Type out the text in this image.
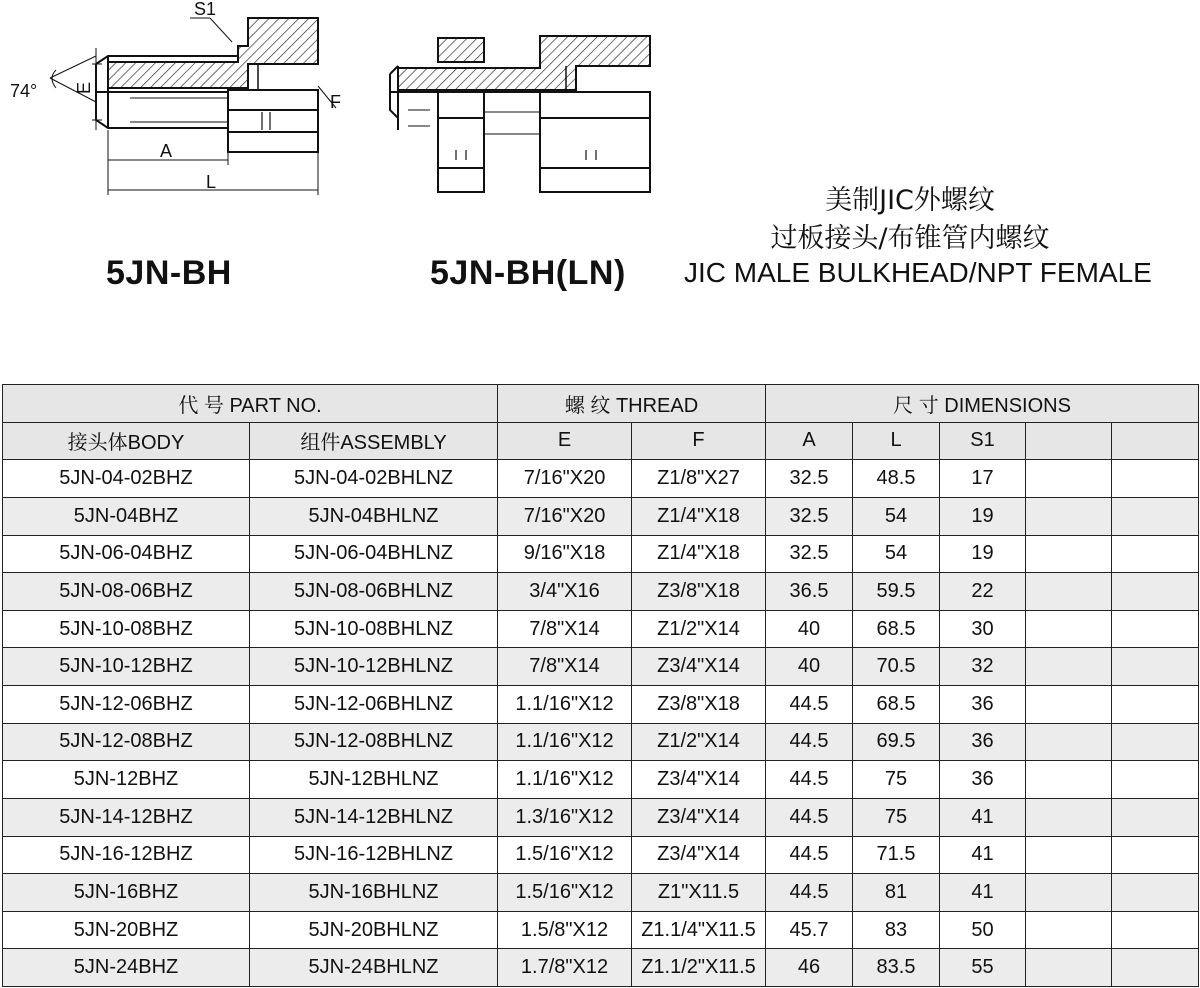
S1
74° E
F
A
L
5JN-BH	5JN-BH(LN)
美制JIC外螺纹
过板接头/布锥管内螺纹
JIC MALE BULKHEAD/NPT FEMALE
代 号 PART NO.		螺 纹 THREAD		尺 寸 DIMENSIONS				
接头体BODY	组件ASSEMBLY	E	F	A	L	S1		
5JN-04-02BHZ	5JN-04-02BHLNZ	7/16"X20	Z1/8"X27	32.5	48.5	17		
5JN-04BHZ	5JN-04BHLNZ	7/16"X20	Z1/4"X18	32.5	54	19		
5JN-06-04BHZ	5JN-06-04BHLNZ	9/16"X18	Z1/4"X18	32.5	54	19		
5JN-08-06BHZ	5JN-08-06BHLNZ	3/4"X16	Z3/8"X18	36.5	59.5	22		
5JN-10-08BHZ	5JN-10-08BHLNZ	7/8"X14	Z1/2"X14	40	68.5	30		
5JN-10-12BHZ	5JN-10-12BHLNZ	7/8"X14	Z3/4"X14	40	70.5	32		
5JN-12-06BHZ	5JN-12-06BHLNZ	1.1/16"X12	Z3/8"X18	44.5	68.5	36		
5JN-12-08BHZ	5JN-12-08BHLNZ	1.1/16"X12	Z1/2"X14	44.5	69.5	36		
5JN-12BHZ	5JN-12BHLNZ	1.1/16"X12	Z3/4"X14	44.5	75	36		
5JN-14-12BHZ	5JN-14-12BHLNZ	1.3/16"X12	Z3/4"X14	44.5	75	41		
5JN-16-12BHZ	5JN-16-12BHLNZ	1.5/16"X12	Z3/4"X14	44.5	71.5	41		
5JN-16BHZ	5JN-16BHLNZ	1.5/16"X12	Z1"X11.5	44.5	81	41		
5JN-20BHZ	5JN-20BHLNZ	1.5/8"X12	Z1.1/4"X11.5	45.7	83	50		
5JN-24BHZ	5JN-24BHLNZ	1.7/8"X12	Z1.1/2"X11.5	46	83.5	55		
